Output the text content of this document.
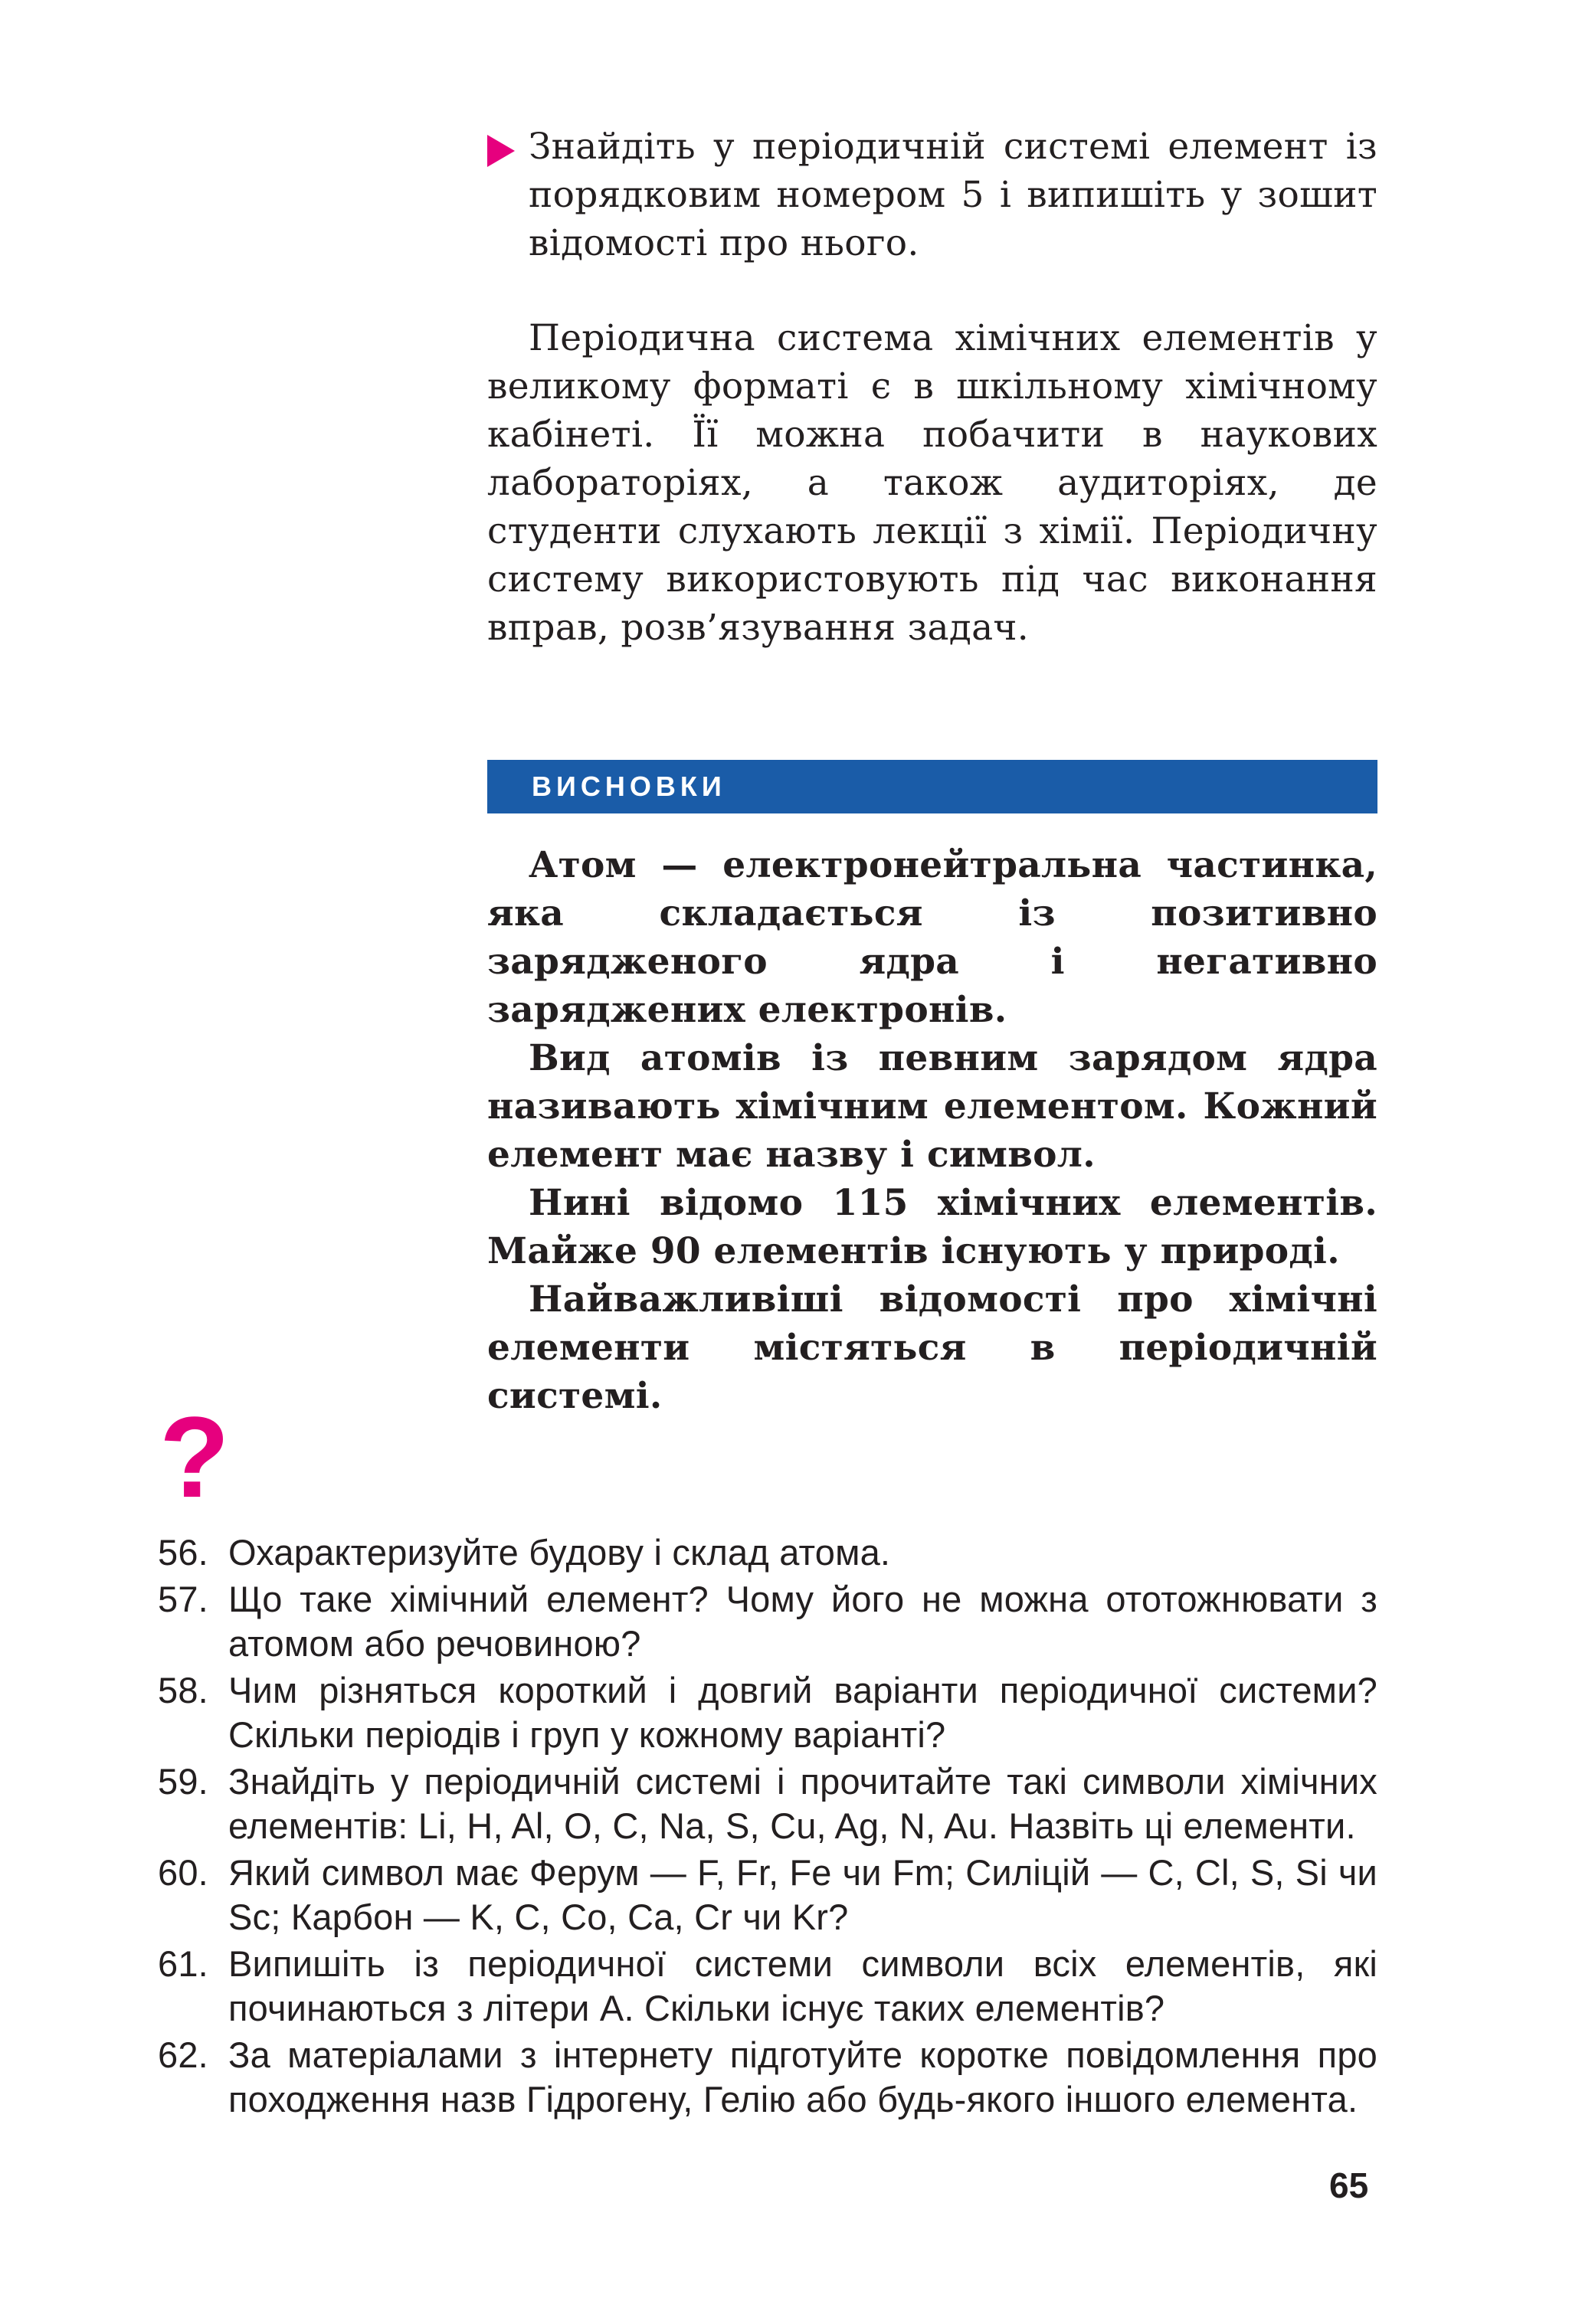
Знайдіть у періодичній системі елемент із порядковим номером 5 і випишіть у зошит відомості про нього.
Періодична система хімічних елементів у великому форматі є в шкільному хімічному кабінеті. Її можна побачити в наукових лабораторіях, а також аудиторіях, де студенти слухають лекції з хімії. Періодичну систему використовують під час виконання вправ, розв’язування задач.
ВИСНОВКИ

Атом — електронейтральна частинка, яка складається із позитивно зарядженого ядра і негативно заряджених електронів.

Вид атомів із певним зарядом ядра називають хімічним елементом. Кожний елемент має назву і символ.

Нині відомо 115 хімічних елементів. Майже 90 елементів існують у природі.

Найважливіші відомості про хімічні елементи містяться в періодичній системі.

?
56. Охарактеризуйте будову і склад атома.
57. Що таке хімічний елемент? Чому його не можна ототожнювати з атомом або речовиною?
58. Чим різняться короткий і довгий варіанти періодичної системи? Скільки періодів і груп у кожному варіанті?
59. Знайдіть у періодичній системі і прочитайте такі символи хімічних елементів: Li, H, Al, O, C, Na, S, Cu, Ag, N, Au. Назвіть ці елементи.
60. Який символ має Ферум — F, Fr, Fe чи Fm; Силіцій — C, Cl, S, Si чи Sc; Карбон — K, C, Co, Ca, Cr чи Kr?
61. Випишіть із періодичної системи символи всіх елементів, які починаються з літери А. Скільки існує таких елементів?
62. За матеріалами з інтернету підготуйте коротке повідомлення про походження назв Гідрогену, Гелію або будь-якого іншого елемента.
65
